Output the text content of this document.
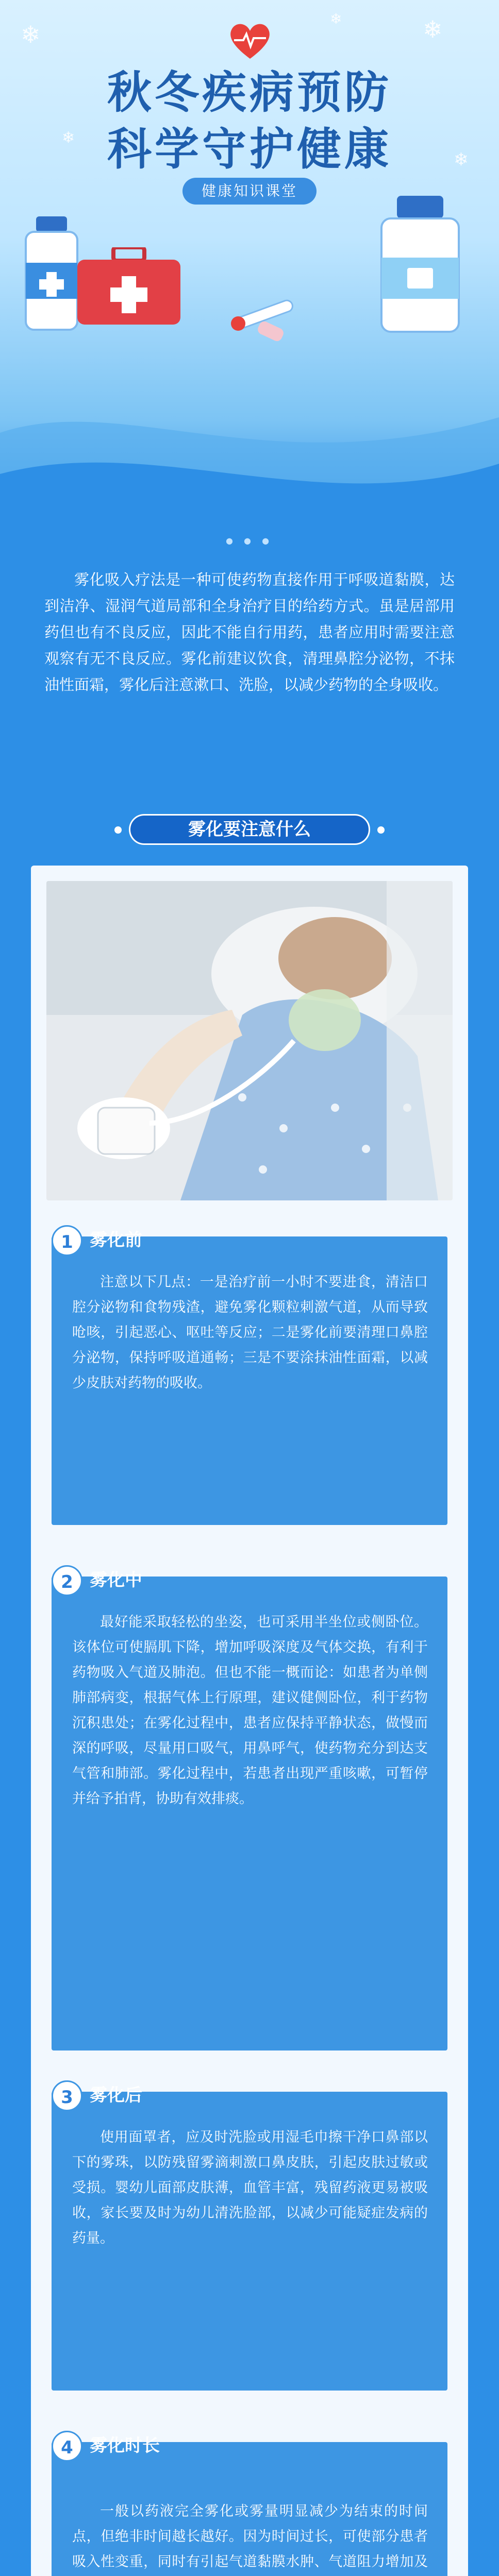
❄
❄
❄
❄
❄
秋冬疾病预防
科学守护健康
健康知识课堂
● ● ●

雾化吸入疗法是一种可使药物直接作用于呼吸道黏膜，达到洁净、湿润气道局部和全身治疗目的给药方式。虽是居部用药但也有不良反应，因此不能自行用药，患者应用时需要注意观察有无不良反应。雾化前建议饮食，清理鼻腔分泌物，不抹油性面霜，雾化后注意漱口、洗脸，以减少药物的全身吸收。

雾化要注意什么
1 雾化前

注意以下几点：一是治疗前一小时不要进食，清洁口腔分泌物和食物残渣，避免雾化颗粒刺激气道，从而导致呛咳，引起恶心、呕吐等反应；二是雾化前要清理口鼻腔分泌物，保持呼吸道通畅；三是不要涂抹油性面霜，以减少皮肤对药物的吸收。

2 雾化中

最好能采取轻松的坐姿，也可采用半坐位或侧卧位。该体位可使膈肌下降，增加呼吸深度及气体交换，有利于药物吸入气道及肺泡。但也不能一概而论：如患者为单侧肺部病变，根据气体上行原理，建议健侧卧位，利于药物沉积患处；在雾化过程中，患者应保持平静状态，做慢而深的呼吸，尽量用口吸气，用鼻呼气，使药物充分到达支气管和肺部。雾化过程中，若患者出现严重咳嗽，可暂停并给予拍背，协助有效排痰。

3 雾化后

使用面罩者，应及时洗脸或用湿毛巾擦干净口鼻部以下的雾珠，以防残留雾滴刺激口鼻皮肤，引起皮肤过敏或受损。婴幼儿面部皮肤薄，血管丰富，残留药液更易被吸收，家长要及时为幼儿清洗脸部，以减少可能疑症发病的药量。

4 雾化时长

一般以药液完全雾化或雾量明显减少为结束的时间点，但绝非时间越长越好。因为时间过长，可使部分患者吸入性变重，同时有引起气道黏膜水肿、气道阻力增加及
